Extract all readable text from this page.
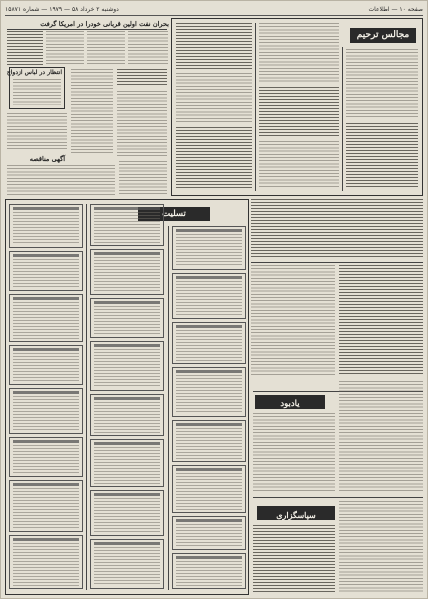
صفحه ۱۰ — اطلاعات
دوشنبه ۲ خرداد ۵۸ — ۱۹۷۹ — شماره ۱۵۸۷۱
بحران نفت اولین قربانی خودرا در امریکا گرفت
انتظار در لباس ازدواج
آگهی مناقصه
مجالس ترحیم
تسلیت
یادبود
سپاسگزاری
